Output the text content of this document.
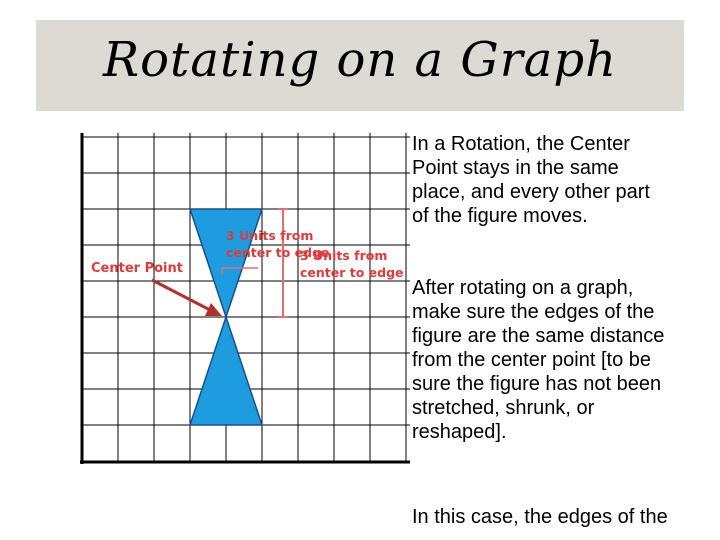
Rotating on a Graph
Center Point
3 Units from
center to edge
3 Units from
center to edge
In a Rotation, the Center
Point stays in the same
place, and every other part
of the figure moves.
After rotating on a graph,
make sure the edges of the
figure are the same distance
from the center point [to be
sure the figure has not been
stretched, shrunk, or
reshaped].
In this case, the edges of the
